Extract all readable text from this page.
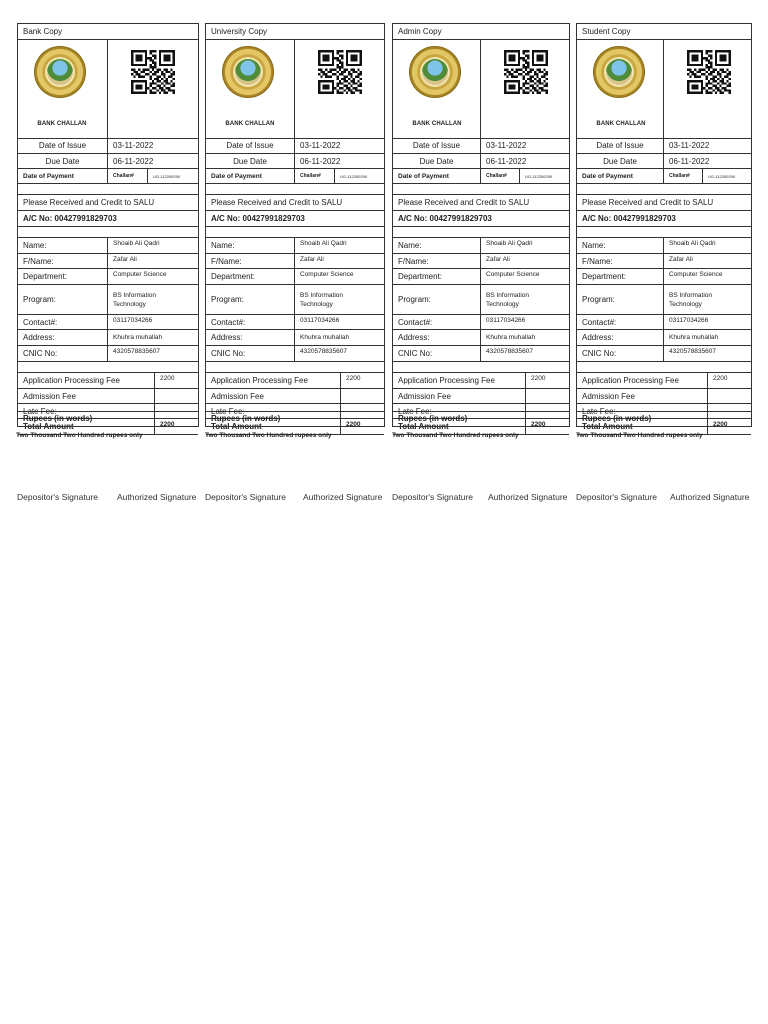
Bank Copy
BANK CHALLAN
Date of Issue	03-11-2022
Due Date	06-11-2022
Date of Payment	Challan#	UG-112200290
Please Received and Credit to SALU
A/C No: 00427991829703
Name:	Shoaib Ali Qadri
F/Name:	Zafar Ali
Department:	Computer Science
Program:	BS Information Technology
Contact#:	03117034266
Address:	Khuhra muhallah
CNIC No:	4320578835607
Application Processing Fee	2200
Admission Fee
Late Fee:
Total Amount	2200
Rupees (in words)
Two Thousand Two Hundred rupees only
Depositor's Signature Authorized Signature
University Copy
BANK CHALLAN
Date of Issue	03-11-2022
Due Date	06-11-2022
Date of Payment	Challan#	UG-112200290
Please Received and Credit to SALU
A/C No: 00427991829703
Name:	Shoaib Ali Qadri
F/Name:	Zafar Ali
Department:	Computer Science
Program:	BS Information Technology
Contact#:	03117034266
Address:	Khuhra muhallah
CNIC No:	4320578835607
Application Processing Fee	2200
Admission Fee
Late Fee:
Total Amount	2200
Rupees (in words)
Two Thousand Two Hundred rupees only
Depositor's Signature Authorized Signature
Admin Copy
BANK CHALLAN
Date of Issue	03-11-2022
Due Date	06-11-2022
Date of Payment	Challan#	UG-112200290
Please Received and Credit to SALU
A/C No: 00427991829703
Name:	Shoaib Ali Qadri
F/Name:	Zafar Ali
Department:	Computer Science
Program:	BS Information Technology
Contact#:	03117034266
Address:	Khuhra muhallah
CNIC No:	4320578835607
Application Processing Fee	2200
Admission Fee
Late Fee:
Total Amount	2200
Rupees (in words)
Two Thousand Two Hundred rupees only
Depositor's Signature Authorized Signature
Student Copy
BANK CHALLAN
Date of Issue	03-11-2022
Due Date	06-11-2022
Date of Payment	Challan#	UG-112200290
Please Received and Credit to SALU
A/C No: 00427991829703
Name:	Shoaib Ali Qadri
F/Name:	Zafar Ali
Department:	Computer Science
Program:	BS Information Technology
Contact#:	03117034266
Address:	Khuhra muhallah
CNIC No:	4320578835607
Application Processing Fee	2200
Admission Fee
Late Fee:
Total Amount	2200
Rupees (in words)
Two Thousand Two Hundred rupees only
Depositor's Signature Authorized Signature
